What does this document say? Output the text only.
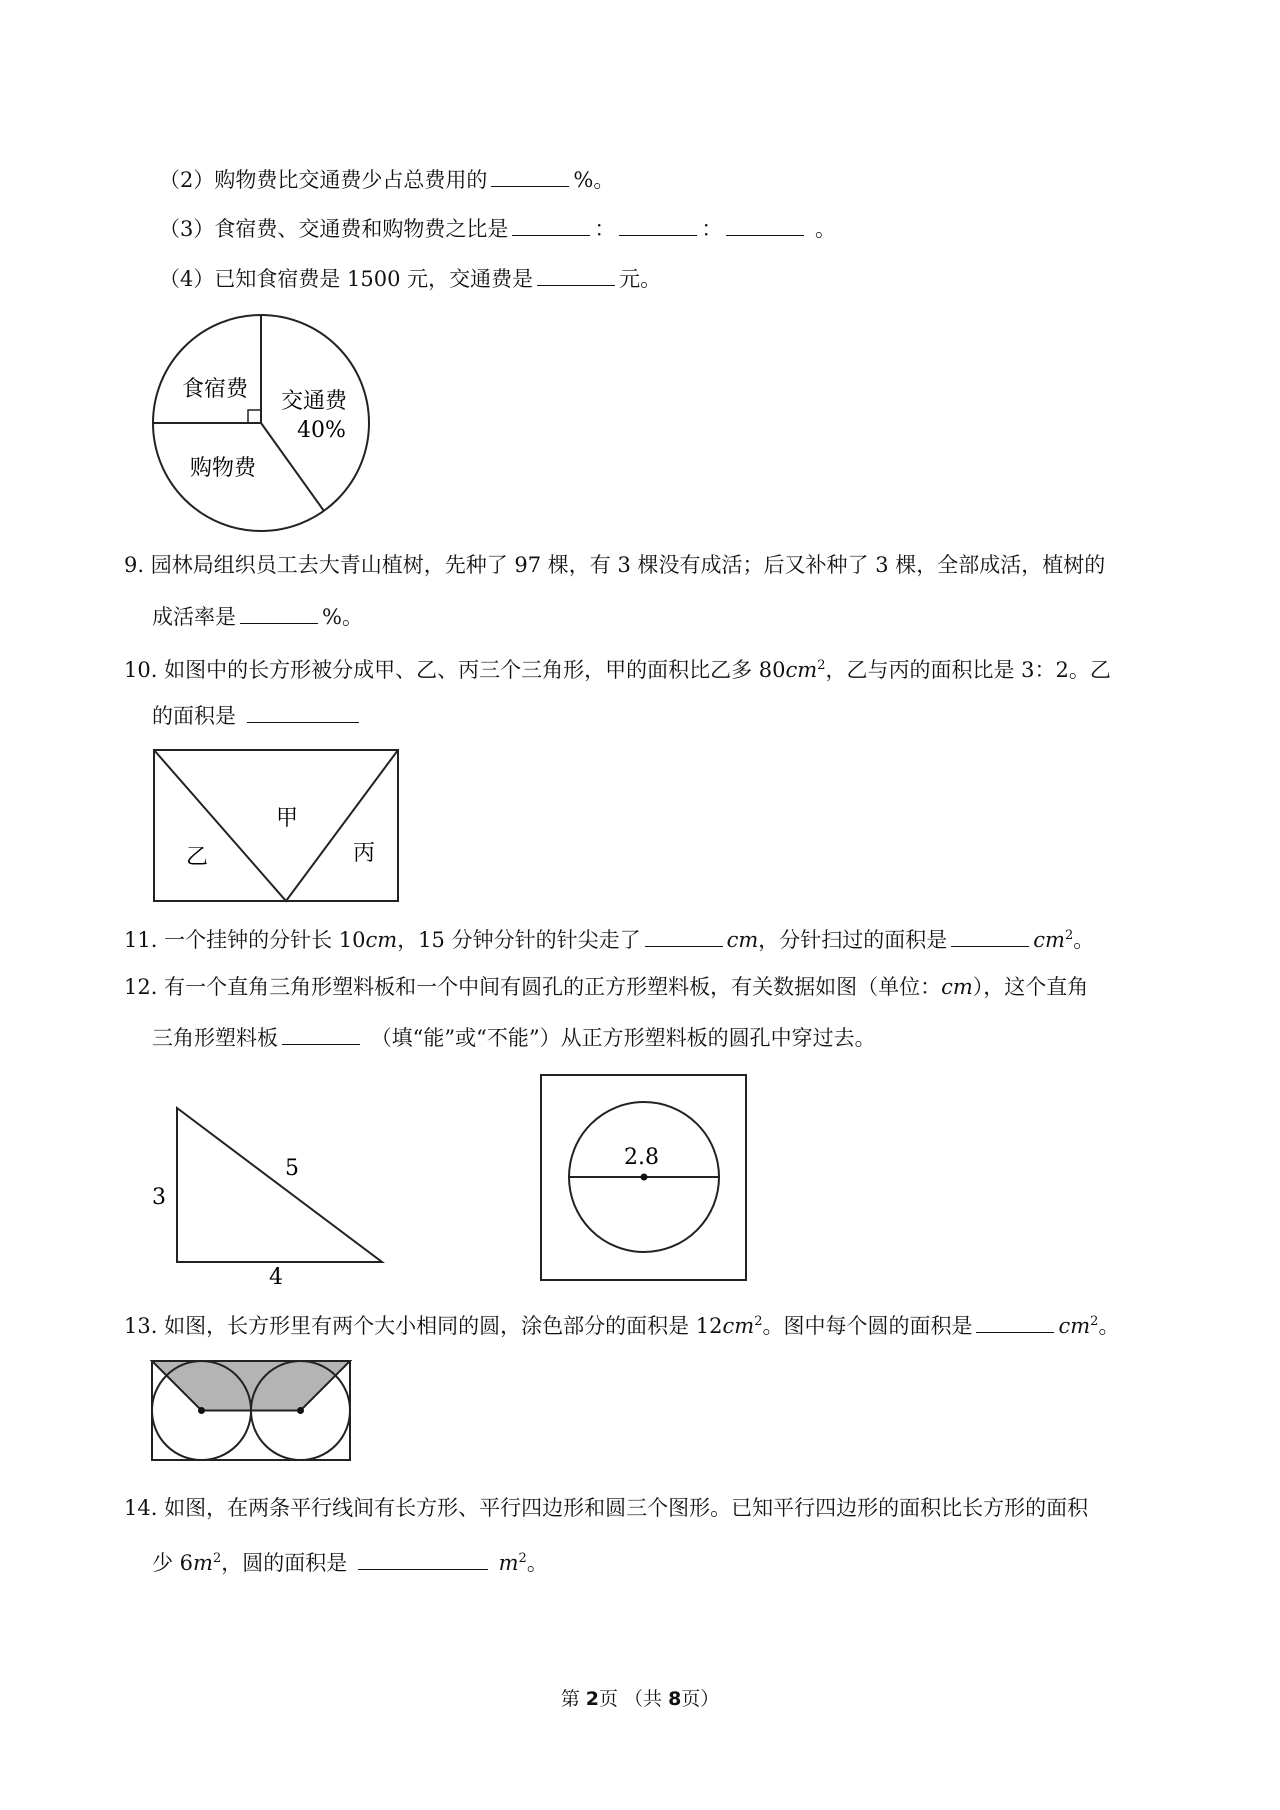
（2）购物费比交通费少占总费用的	%。
（3）食宿费、交通费和购物费之比是	：	：	。
（4）已知食宿费是 1500 元，交通费是	元。
食宿费 交通费
40%
购物费
甲
乙	丙
3
5
4
2.8
9. 园林局组织员工去大青山植树，先种了 97 棵，有 3 棵没有成活；后又补种了 3 棵，全部成活，植树的
成活率是	%。
10. 如图中的长方形被分成甲、乙、丙三个三角形，甲的面积比乙多 $80cm^2$，乙与丙的面积比是 3：2。乙
的面积是
11. 一个挂钟的分针长 10cm，15 分钟分针的针尖走了	cm，分针扫过的面积是	$cm^2$。
12. 有一个直角三角形塑料板和一个中间有圆孔的正方形塑料板，有关数据如图（单位：cm），这个直角
三角形塑料板	（填“能”或“不能”）从正方形塑料板的圆孔中穿过去。
13. 如图，长方形里有两个大小相同的圆，涂色部分的面积是 $12cm^2$。图中每个圆的面积是	$cm^2$。
14. 如图，在两条平行线间有长方形、平行四边形和圆三个图形。已知平行四边形的面积比长方形的面积
少 $6m^2$，圆的面积是	$m^2$。
第 2页 （共 8页）
